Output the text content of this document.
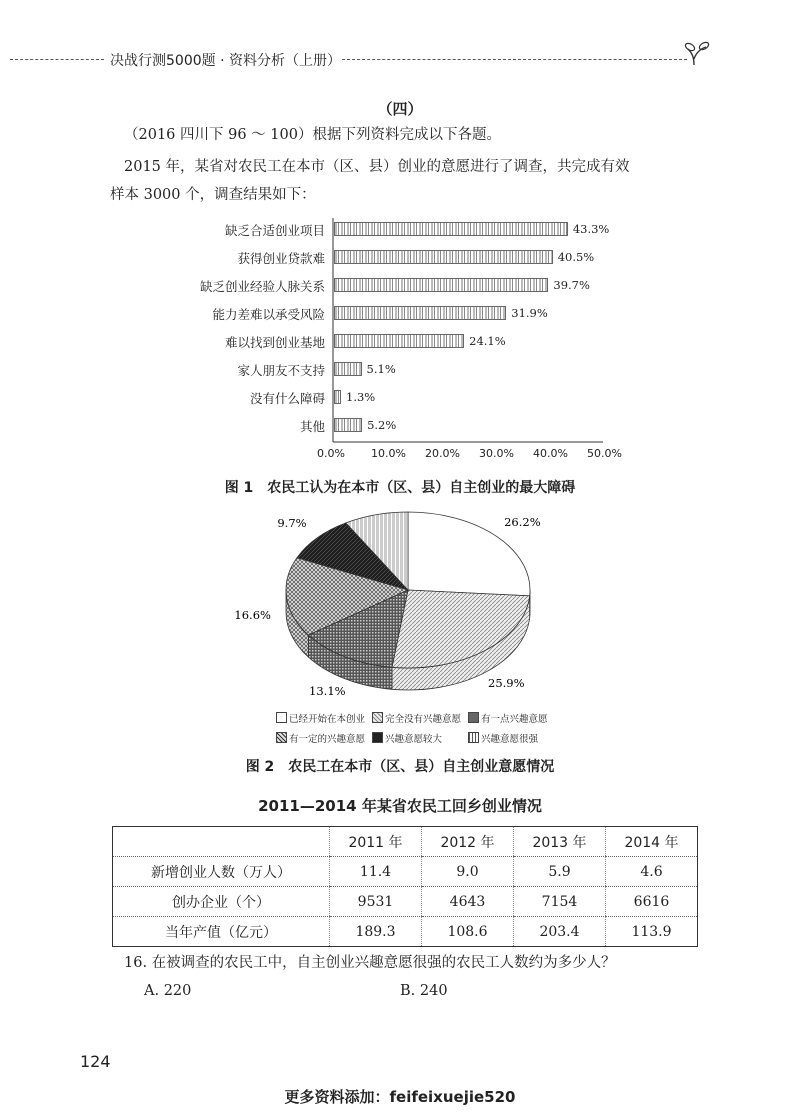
决战行测5000题 · 资料分析（上册）
（四）
（2016 四川下 96 ～ 100）根据下列资料完成以下各题。
2015 年，某省对农民工在本市（区、县）创业的意愿进行了调查，共完成有效
样本 3000 个，调查结果如下：
缺乏合适创业项目	43.3%
获得创业贷款难	40.5%
缺乏创业经验人脉关系	39.7%
能力差难以承受风险	31.9%
难以找到创业基地	24.1%
家人朋友不支持	5.1%
没有什么障碍 1.3%
其他	5.2%
0.0% 10.0% 20.0% 30.0% 40.0% 50.0%
图 1　农民工认为在本市（区、县）自主创业的最大障碍
26.2%
25.9%
13.1%
16.6%
9.7%
已经开始在本创业	完全没有兴趣意愿	有一点兴趣意愿
有一定的兴趣意愿	兴趣意愿较大	兴趣意愿很强
图 2　农民工在本市（区、县）自主创业意愿情况
2011—2014 年某省农民工回乡创业情况
	2011 年	2012 年	2013 年	2014 年
新增创业人数（万人）	11.4	9.0	5.9	4.6
创办企业（个）	9531	4643	7154	6616
当年产值（亿元）	189.3	108.6	203.4	113.9
16. 在被调查的农民工中，自主创业兴趣意愿很强的农民工人数约为多少人？
A. 220	B. 240
124
更多资料添加：feifeixuejie520
